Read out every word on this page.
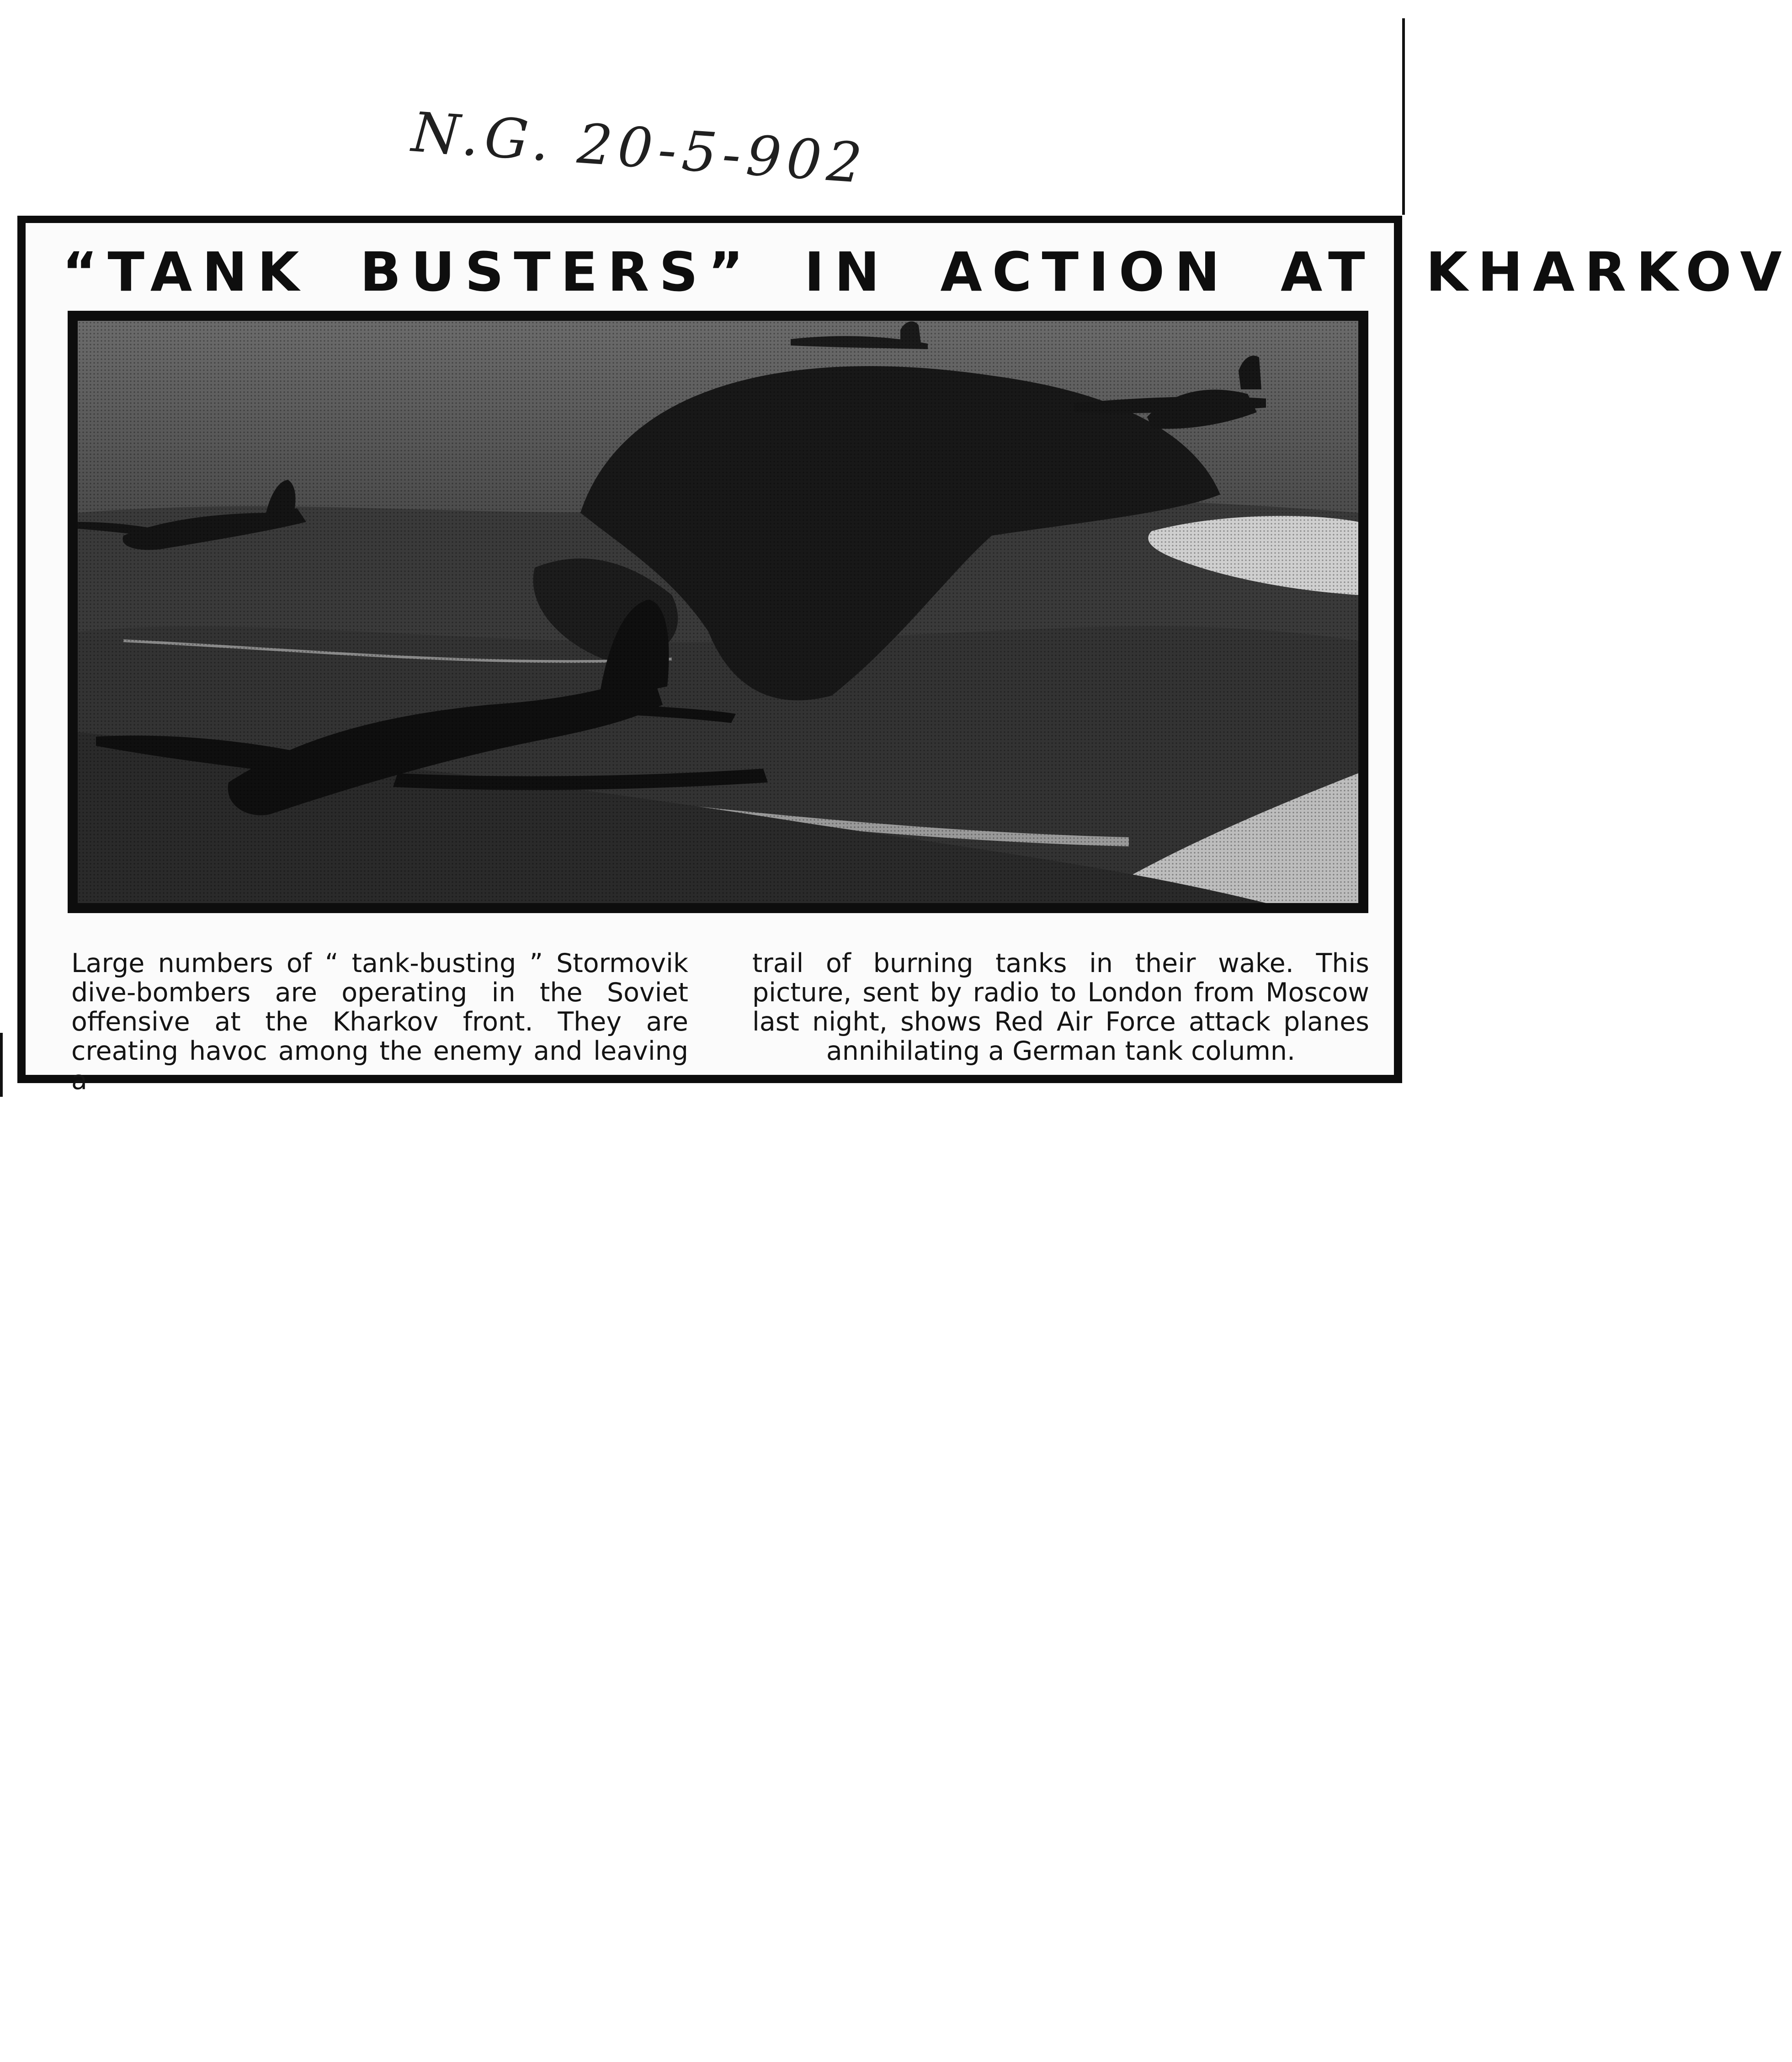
N.G. 20-5-902
“TANK BUSTERS” IN ACTION AT KHARKOV

Large numbers of “ tank-busting ” Stormovik dive-bombers are operating in the Soviet offensive at the Kharkov front. They are creating havoc among the enemy and leaving a

trail of burning tanks in their wake. This picture, sent by radio to London from Moscow last night, shows Red Air Force attack planes annihilating a German tank column.
